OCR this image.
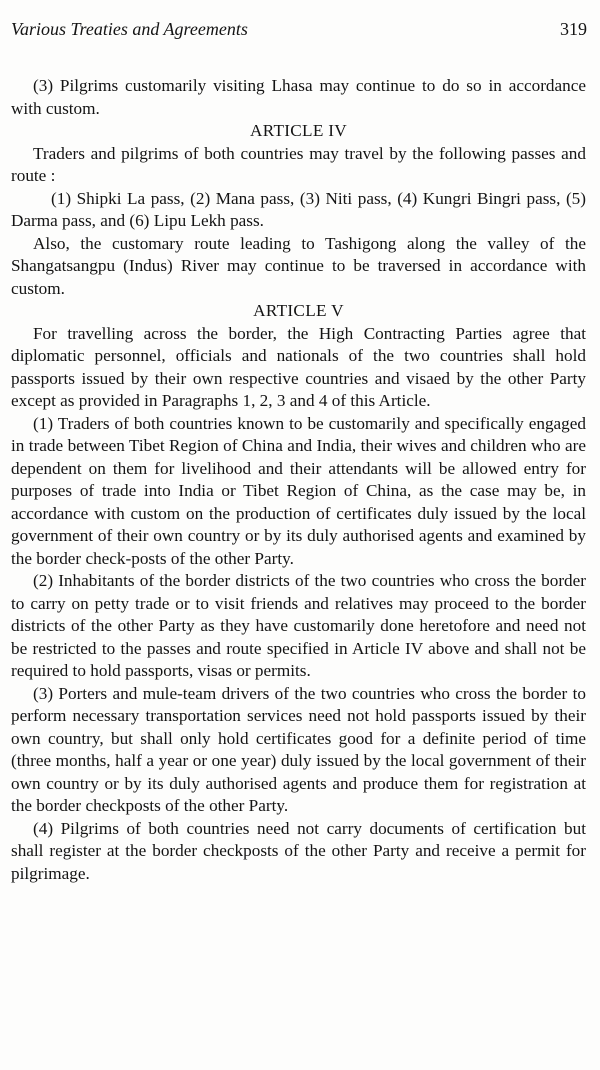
Various Treaties and Agreements	319

(3) Pilgrims customarily visiting Lhasa may continue to do so in accordance with custom.

ARTICLE IV

Traders and pilgrims of both countries may travel by the following passes and route :

(1) Shipki La pass, (2) Mana pass, (3) Niti pass, (4) Kungri Bingri pass, (5) Darma pass, and (6) Lipu Lekh pass.

Also, the customary route leading to Tashigong along the valley of the Shangatsangpu (Indus) River may continue to be traversed in accordance with custom.

ARTICLE V

For travelling across the border, the High Contracting Parties agree that diplomatic personnel, officials and nationals of the two countries shall hold passports issued by their own respective countries and visaed by the other Party except as provided in Paragraphs 1, 2, 3 and 4 of this Article.

(1) Traders of both countries known to be customarily and specifically engaged in trade between Tibet Region of China and India, their wives and children who are dependent on them for livelihood and their attendants will be allowed entry for purposes of trade into India or Tibet Region of China, as the case may be, in accordance with custom on the production of certificates duly issued by the local government of their own country or by its duly authorised agents and examined by the border check-posts of the other Party.

(2) Inhabitants of the border districts of the two countries who cross the border to carry on petty trade or to visit friends and relatives may proceed to the border districts of the other Party as they have customarily done heretofore and need not be restricted to the passes and route specified in Article IV above and shall not be required to hold passports, visas or permits.

(3) Porters and mule-team drivers of the two countries who cross the border to perform necessary transportation services need not hold passports issued by their own country, but shall only hold certificates good for a definite period of time (three months, half a year or one year) duly issued by the local government of their own country or by its duly authorised agents and produce them for registration at the border checkposts of the other Party.

(4) Pilgrims of both countries need not carry documents of certification but shall register at the border checkposts of the other Party and receive a permit for pilgrimage.
